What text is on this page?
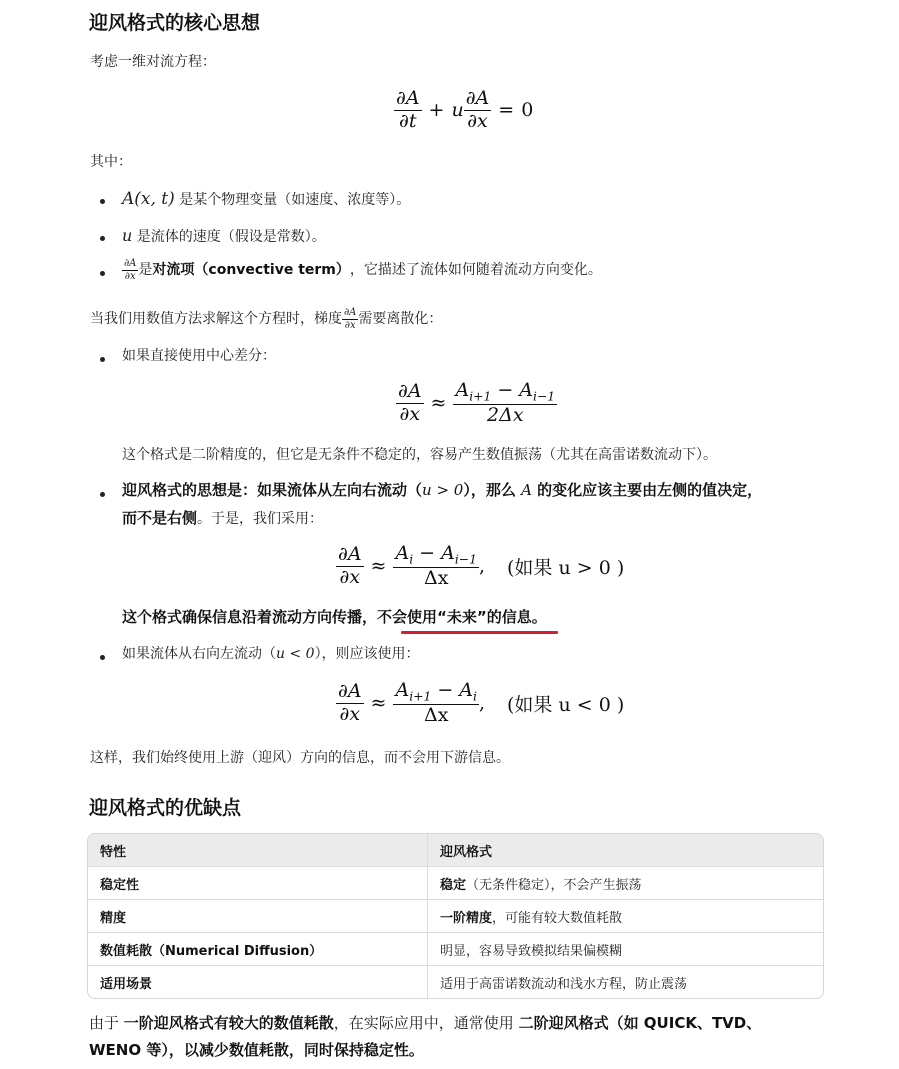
迎风格式的核心思想
考虑一维对流方程：
$\frac{\partial A}{\partial t} + u \frac{\partial A}{\partial x} = 0$
其中：
A(x, t) 是某个物理变量（如速度、浓度等）。
u 是流体的速度（假设是常数）。
$\frac{\partial A}{\partial x}$ 是 对流项（convective term） ，它描述了流体如何随着流动方向变化。
当我们用数值方法求解这个方程时，梯度 $\frac{\partial A}{\partial x}$ 需要离散化：
如果直接使用中心差分：
$\frac{\partial A}{\partial x} \approx \frac{A_{i+1} - A_{i-1}}{2\Delta x}$
这个格式是二阶精度的，但它是无条件不稳定的，容易产生数值振荡（尤其在高雷诺数流动下）。
迎风格式的思想是：如果流体从左向右流动（u > 0），那么 A 的变化应该主要由左侧的值决定，
而不是右侧。于是，我们采用：
$\frac{\partial A}{\partial x} \approx \frac{A_i - A_{i-1}}{\Delta x}$ , (如果 u > 0 )
这个格式确保信息沿着流动方向传播，不会使用“未来”的信息。
如果流体从右向左流动（u < 0），则应该使用：
$\frac{\partial A}{\partial x} \approx \frac{A_{i+1} - A_i}{\Delta x}$ , (如果 u < 0 )
这样，我们始终使用上游（迎风）方向的信息，而不会用下游信息。
迎风格式的优缺点
特性	迎风格式
稳定性	稳定（无条件稳定），不会产生振荡
精度	一阶精度，可能有较大数值耗散
数值耗散（Numerical Diffusion）	明显，容易导致模拟结果偏模糊
适用场景	适用于高雷诺数流动和浅水方程，防止震荡
由于 一阶迎风格式有较大的数值耗散，在实际应用中，通常使用 二阶迎风格式（如 QUICK、TVD、
WENO 等），以减少数值耗散，同时保持稳定性。
